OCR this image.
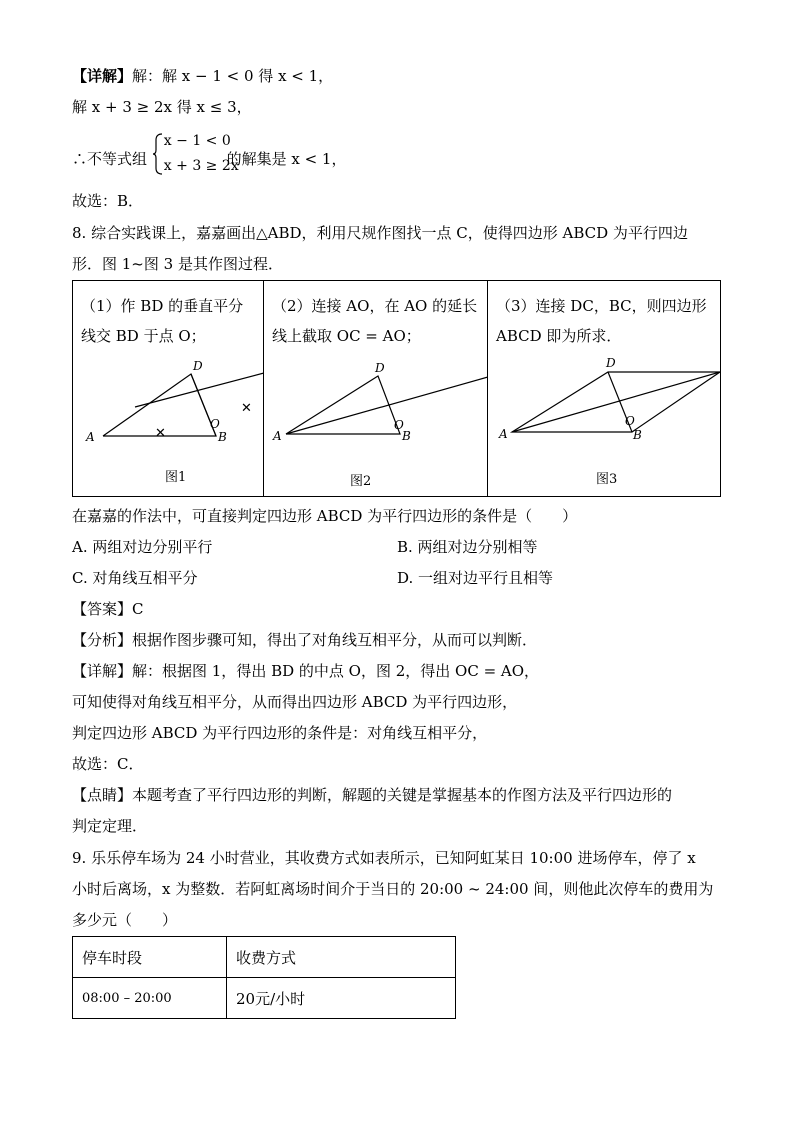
【详解】解：解 x − 1 < 0 得 x < 1，
解 x + 3 ≥ 2x 得 x ≤ 3，
∴不等式组
x − 1 < 0
x + 3 ≥ 2x
的解集是 x < 1，
故选：B．
8. 综合实践课上，嘉嘉画出△ABD，利用尺规作图找一点 C，使得四边形 ABCD 为平行四边
形．图 1~图 3 是其作图过程．
（1）作 BD 的垂直平分线交 BD 于点 O；
✕
✕
A	B
D
O
图1
（2）连接 AO，在 AO 的延长线上截取 OC = AO；
A	B
D
O
图2
（3）连接 DC，BC，则四边形 ABCD 即为所求．
A	B
D
O
图3
在嘉嘉的作法中，可直接判定四边形 ABCD 为平行四边形的条件是（　　）
A. 两组对边分别平行	B. 两组对边分别相等
C. 对角线互相平分	D. 一组对边平行且相等
【答案】C
【分析】根据作图步骤可知，得出了对角线互相平分，从而可以判断．
【详解】解：根据图 1，得出 BD 的中点 O，图 2，得出 OC = AO，
可知使得对角线互相平分，从而得出四边形 ABCD 为平行四边形，
判定四边形 ABCD 为平行四边形的条件是：对角线互相平分，
故选：C．
【点睛】本题考查了平行四边形的判断，解题的关键是掌握基本的作图方法及平行四边形的
判定定理．
9. 乐乐停车场为 24 小时营业，其收费方式如表所示，已知阿虹某日 10:00 进场停车，停了 x
小时后离场，x 为整数．若阿虹离场时间介于当日的 20:00 ~ 24:00 间，则他此次停车的费用为
多少元（　　）
停车时段	收费方式
08:00 – 20:00	20元/小时
